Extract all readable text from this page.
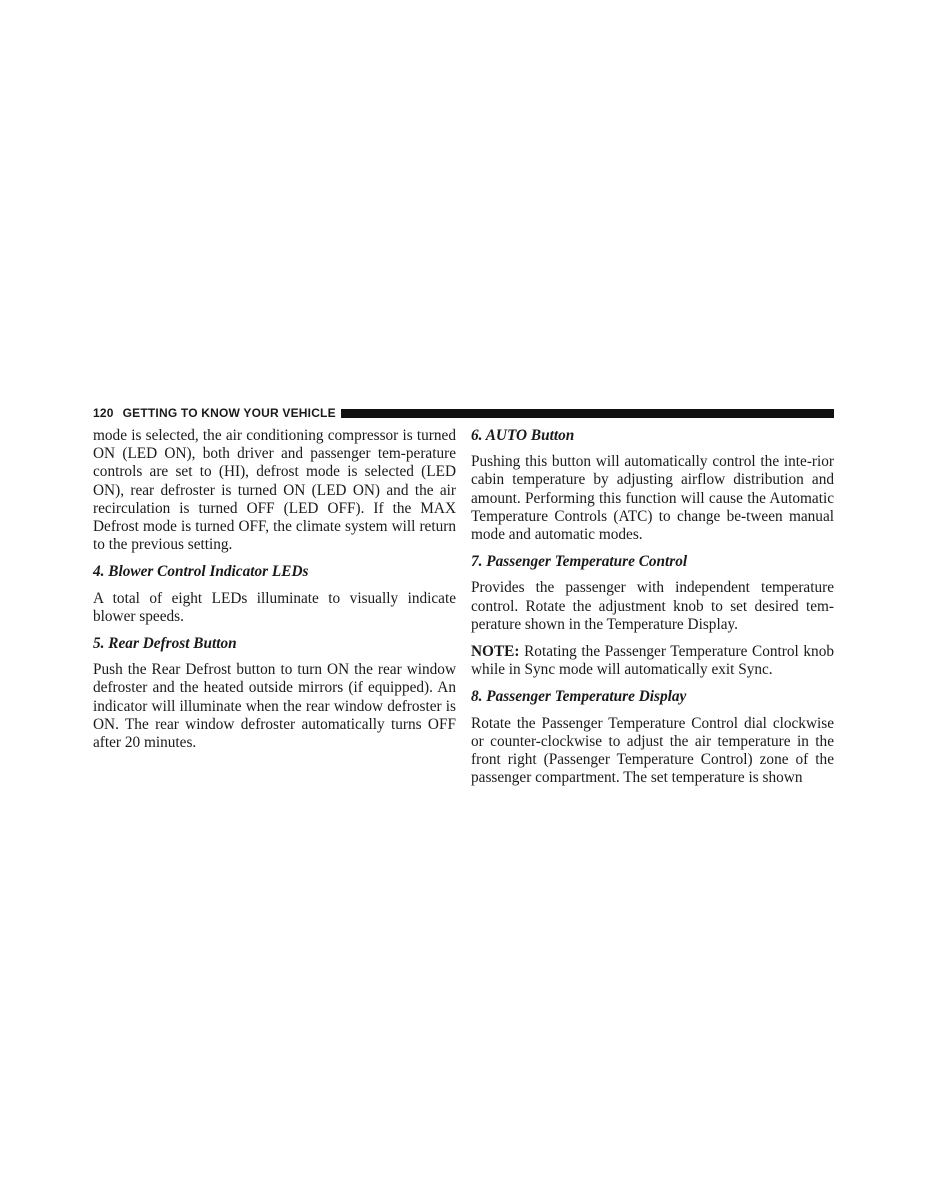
120 GETTING TO KNOW YOUR VEHICLE

mode is selected, the air conditioning compressor is turned ON (LED ON), both driver and passenger tem-perature controls are set to (HI), defrost mode is selected (LED ON), rear defroster is turned ON (LED ON) and the air recirculation is turned OFF (LED OFF). If the MAX Defrost mode is turned OFF, the climate system will return to the previous setting.

4. Blower Control Indicator LEDs

A total of eight LEDs illuminate to visually indicate blower speeds.

5. Rear Defrost Button

Push the Rear Defrost button to turn ON the rear window defroster and the heated outside mirrors (if equipped). An indicator will illuminate when the rear window defroster is ON. The rear window defroster automatically turns OFF after 20 minutes.

6. AUTO Button

Pushing this button will automatically control the inte-rior cabin temperature by adjusting airflow distribution and amount. Performing this function will cause the Automatic Temperature Controls (ATC) to change be-tween manual mode and automatic modes.

7. Passenger Temperature Control

Provides the passenger with independent temperature control. Rotate the adjustment knob to set desired tem-perature shown in the Temperature Display.

NOTE: Rotating the Passenger Temperature Control knob while in Sync mode will automatically exit Sync.

8. Passenger Temperature Display

Rotate the Passenger Temperature Control dial clockwise or counter-clockwise to adjust the air temperature in the front right (Passenger Temperature Control) zone of the passenger compartment. The set temperature is shown
